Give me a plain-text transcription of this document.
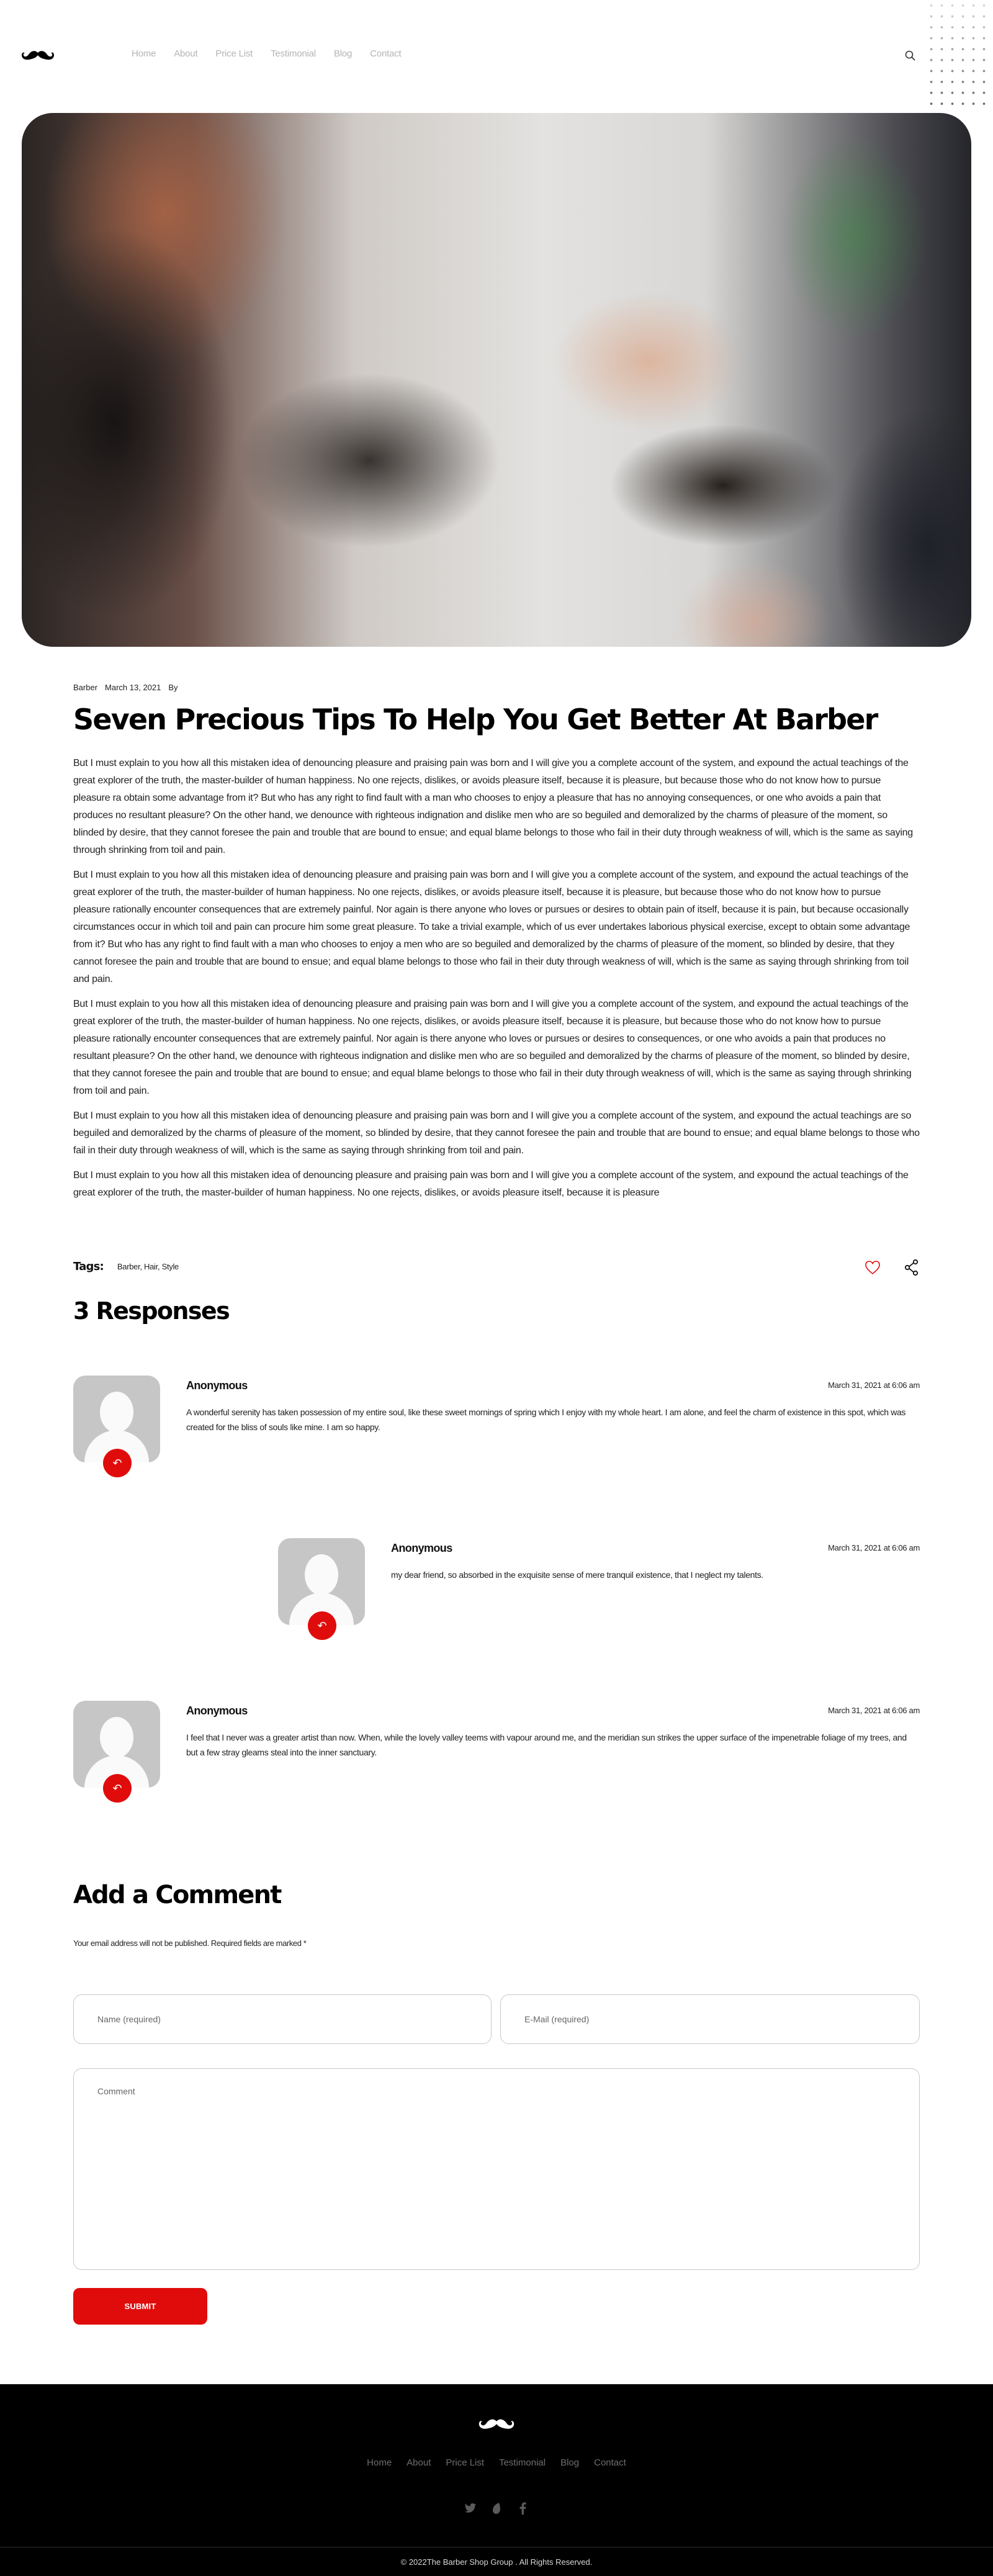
Home About Price List Testimonial Blog Contact
Barber March 13, 2021 By
Seven Precious Tips To Help You Get Better At Barber

But I must explain to you how all this mistaken idea of denouncing pleasure and praising pain was born and I will give you a complete account of the system, and expound the actual teachings of the great explorer of the truth, the master-builder of human happiness. No one rejects, dislikes, or avoids pleasure itself, because it is pleasure, but because those who do not know how to pursue pleasure ra obtain some advantage from it? But who has any right to find fault with a man who chooses to enjoy a pleasure that has no annoying consequences, or one who avoids a pain that produces no resultant pleasure? On the other hand, we denounce with righteous indignation and dislike men who are so beguiled and demoralized by the charms of pleasure of the moment, so blinded by desire, that they cannot foresee the pain and trouble that are bound to ensue; and equal blame belongs to those who fail in their duty through weakness of will, which is the same as saying through shrinking from toil and pain.

But I must explain to you how all this mistaken idea of denouncing pleasure and praising pain was born and I will give you a complete account of the system, and expound the actual teachings of the great explorer of the truth, the master-builder of human happiness. No one rejects, dislikes, or avoids pleasure itself, because it is pleasure, but because those who do not know how to pursue pleasure rationally encounter consequences that are extremely painful. Nor again is there anyone who loves or pursues or desires to obtain pain of itself, because it is pain, but because occasionally circumstances occur in which toil and pain can procure him some great pleasure. To take a trivial example, which of us ever undertakes laborious physical exercise, except to obtain some advantage from it? But who has any right to find fault with a man who chooses to enjoy a men who are so beguiled and demoralized by the charms of pleasure of the moment, so blinded by desire, that they cannot foresee the pain and trouble that are bound to ensue; and equal blame belongs to those who fail in their duty through weakness of will, which is the same as saying through shrinking from toil and pain.

But I must explain to you how all this mistaken idea of denouncing pleasure and praising pain was born and I will give you a complete account of the system, and expound the actual teachings of the great explorer of the truth, the master-builder of human happiness. No one rejects, dislikes, or avoids pleasure itself, because it is pleasure, but because those who do not know how to pursue pleasure rationally encounter consequences that are extremely painful. Nor again is there anyone who loves or pursues or desires to consequences, or one who avoids a pain that produces no resultant pleasure? On the other hand, we denounce with righteous indignation and dislike men who are so beguiled and demoralized by the charms of pleasure of the moment, so blinded by desire, that they cannot foresee the pain and trouble that are bound to ensue; and equal blame belongs to those who fail in their duty through weakness of will, which is the same as saying through shrinking from toil and pain.

But I must explain to you how all this mistaken idea of denouncing pleasure and praising pain was born and I will give you a complete account of the system, and expound the actual teachings are so beguiled and demoralized by the charms of pleasure of the moment, so blinded by desire, that they cannot foresee the pain and trouble that are bound to ensue; and equal blame belongs to those who fail in their duty through weakness of will, which is the same as saying through shrinking from toil and pain.

But I must explain to you how all this mistaken idea of denouncing pleasure and praising pain was born and I will give you a complete account of the system, and expound the actual teachings of the great explorer of the truth, the master-builder of human happiness. No one rejects, dislikes, or avoids pleasure itself, because it is pleasure

Tags: Barber, Hair, Style
3 Responses
↶
Anonymous	March 31, 2021 at 6:06 am
A wonderful serenity has taken possession of my entire soul, like these sweet mornings of spring which I enjoy with my whole heart. I am alone, and feel the charm of existence in this spot, which was created for the bliss of souls like mine. I am so happy.
↶
Anonymous	March 31, 2021 at 6:06 am
my dear friend, so absorbed in the exquisite sense of mere tranquil existence, that I neglect my talents.
↶
Anonymous	March 31, 2021 at 6:06 am
I feel that I never was a greater artist than now. When, while the lovely valley teems with vapour around me, and the meridian sun strikes the upper surface of the impenetrable foliage of my trees, and but a few stray gleams steal into the inner sanctuary.
Add a Comment

Your email address will not be published. Required fields are marked *

Name (required)
E-Mail (required)
Comment
SUBMIT
Home About Price List Testimonial Blog Contact

© 2022The Barber Shop Group . All Rights Reserved.
